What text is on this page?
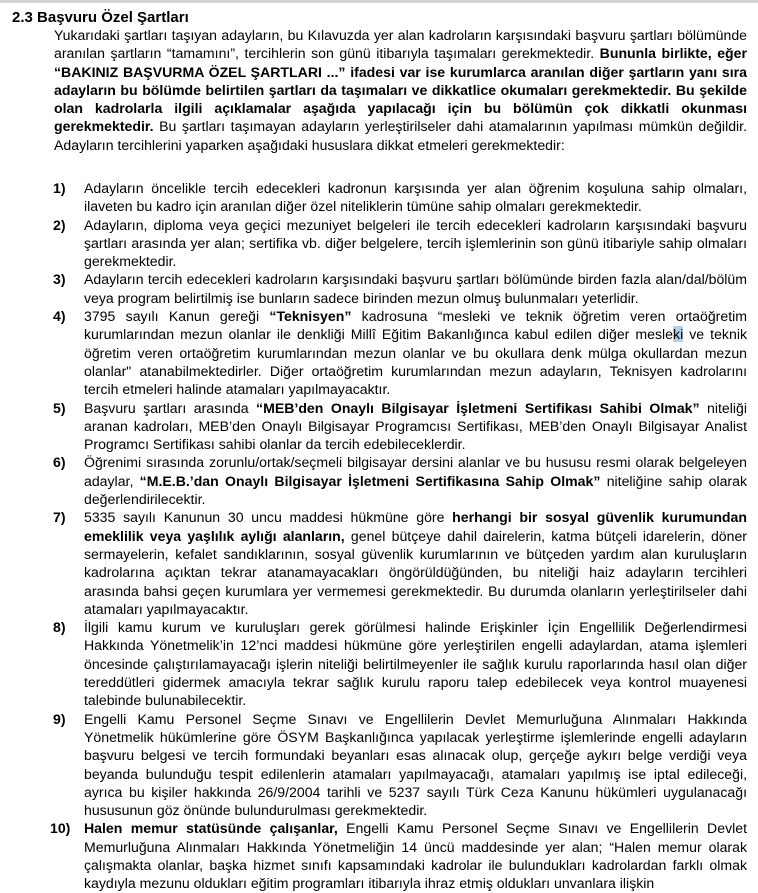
2.3 Başvuru Özel Şartları
Yukarıdaki şartları taşıyan adayların, bu Kılavuzda yer alan kadroların karşısındaki başvuru şartları bölümünde aranılan şartların “tamamını”, tercihlerin son günü itibarıyla taşımaları gerekmektedir. Bununla birlikte, eğer “BAKINIZ BAŞVURMA ÖZEL ŞARTLARI ...” ifadesi var ise kurumlarca aranılan diğer şartların yanı sıra adayların bu bölümde belirtilen şartları da taşımaları ve dikkatlice okumaları gerekmektedir. Bu şekilde olan kadrolarla ilgili açıklamalar aşağıda yapılacağı için bu bölümün çok dikkatli okunması gerekmektedir. Bu şartları taşımayan adayların yerleştirilseler dahi atamalarının yapılması mümkün değildir. Adayların tercihlerini yaparken aşağıdaki hususlara dikkat etmeleri gerekmektedir:
1) Adayların öncelikle tercih edecekleri kadronun karşısında yer alan öğrenim koşuluna sahip olmaları, ilaveten bu kadro için aranılan diğer özel niteliklerin tümüne sahip olmaları gerekmektedir.
2) Adayların, diploma veya geçici mezuniyet belgeleri ile tercih edecekleri kadroların karşısındaki başvuru şartları arasında yer alan; sertifika vb. diğer belgelere, tercih işlemlerinin son günü itibariyle sahip olmaları gerekmektedir.
3) Adayların tercih edecekleri kadroların karşısındaki başvuru şartları bölümünde birden fazla alan/dal/bölüm veya program belirtilmiş ise bunların sadece birinden mezun olmuş bulunmaları yeterlidir.
4) 3795 sayılı Kanun gereği “Teknisyen” kadrosuna “mesleki ve teknik öğretim veren ortaöğretim kurumlarından mezun olanlar ile denkliği Millî Eğitim Bakanlığınca kabul edilen diğer mesleki ve teknik öğretim veren ortaöğretim kurumlarından mezun olanlar ve bu okullara denk mülga okullardan mezun olanlar" atanabilmektedirler. Diğer ortaöğretim kurumlarından mezun adayların, Teknisyen kadrolarını tercih etmeleri halinde atamaları yapılmayacaktır.
5) Başvuru şartları arasında “MEB’den Onaylı Bilgisayar İşletmeni Sertifikası Sahibi Olmak” niteliği aranan kadroları, MEB’den Onaylı Bilgisayar Programcısı Sertifikası, MEB’den Onaylı Bilgisayar Analist Programcı Sertifikası sahibi olanlar da tercih edebileceklerdir.
6) Öğrenimi sırasında zorunlu/ortak/seçmeli bilgisayar dersini alanlar ve bu hususu resmi olarak belgeleyen adaylar, “M.E.B.’dan Onaylı Bilgisayar İşletmeni Sertifikasına Sahip Olmak” niteliğine sahip olarak değerlendirilecektir.
7) 5335 sayılı Kanunun 30 uncu maddesi hükmüne göre herhangi bir sosyal güvenlik kurumundan emeklilik veya yaşlılık aylığı alanların, genel bütçeye dahil dairelerin, katma bütçeli idarelerin, döner sermayelerin, kefalet sandıklarının, sosyal güvenlik kurumlarının ve bütçeden yardım alan kuruluşların kadrolarına açıktan tekrar atanamayacakları öngörüldüğünden, bu niteliği haiz adayların tercihleri arasında bahsi geçen kurumlara yer vermemesi gerekmektedir. Bu durumda olanların yerleştirilseler dahi atamaları yapılmayacaktır.
8) İlgili kamu kurum ve kuruluşları gerek görülmesi halinde Erişkinler İçin Engellilik Değerlendirmesi Hakkında Yönetmelik’in 12’nci maddesi hükmüne göre yerleştirilen engelli adaylardan, atama işlemleri öncesinde çalıştırılamayacağı işlerin niteliği belirtilmeyenler ile sağlık kurulu raporlarında hasıl olan diğer tereddütleri gidermek amacıyla tekrar sağlık kurulu raporu talep edebilecek veya kontrol muayenesi talebinde bulunabilecektir.
9) Engelli Kamu Personel Seçme Sınavı ve Engellilerin Devlet Memurluğuna Alınmaları Hakkında Yönetmelik hükümlerine göre ÖSYM Başkanlığınca yapılacak yerleştirme işlemlerinde engelli adayların başvuru belgesi ve tercih formundaki beyanları esas alınacak olup, gerçeğe aykırı belge verdiği veya beyanda bulunduğu tespit edilenlerin atamaları yapılmayacağı, atamaları yapılmış ise iptal edileceği, ayrıca bu kişiler hakkında 26/9/2004 tarihli ve 5237 sayılı Türk Ceza Kanunu hükümleri uygulanacağı hususunun göz önünde bulundurulması gerekmektedir.
10) Halen memur statüsünde çalışanlar, Engelli Kamu Personel Seçme Sınavı ve Engellilerin Devlet Memurluğuna Alınmaları Hakkında Yönetmeliğin 14 üncü maddesinde yer alan; “Halen memur olarak çalışmakta olanlar, başka hizmet sınıfı kapsamındaki kadrolar ile bulundukları kadrolardan farklı olmak kaydıyla mezunu oldukları eğitim programları itibarıyla ihraz etmiş oldukları unvanlara ilişkin
